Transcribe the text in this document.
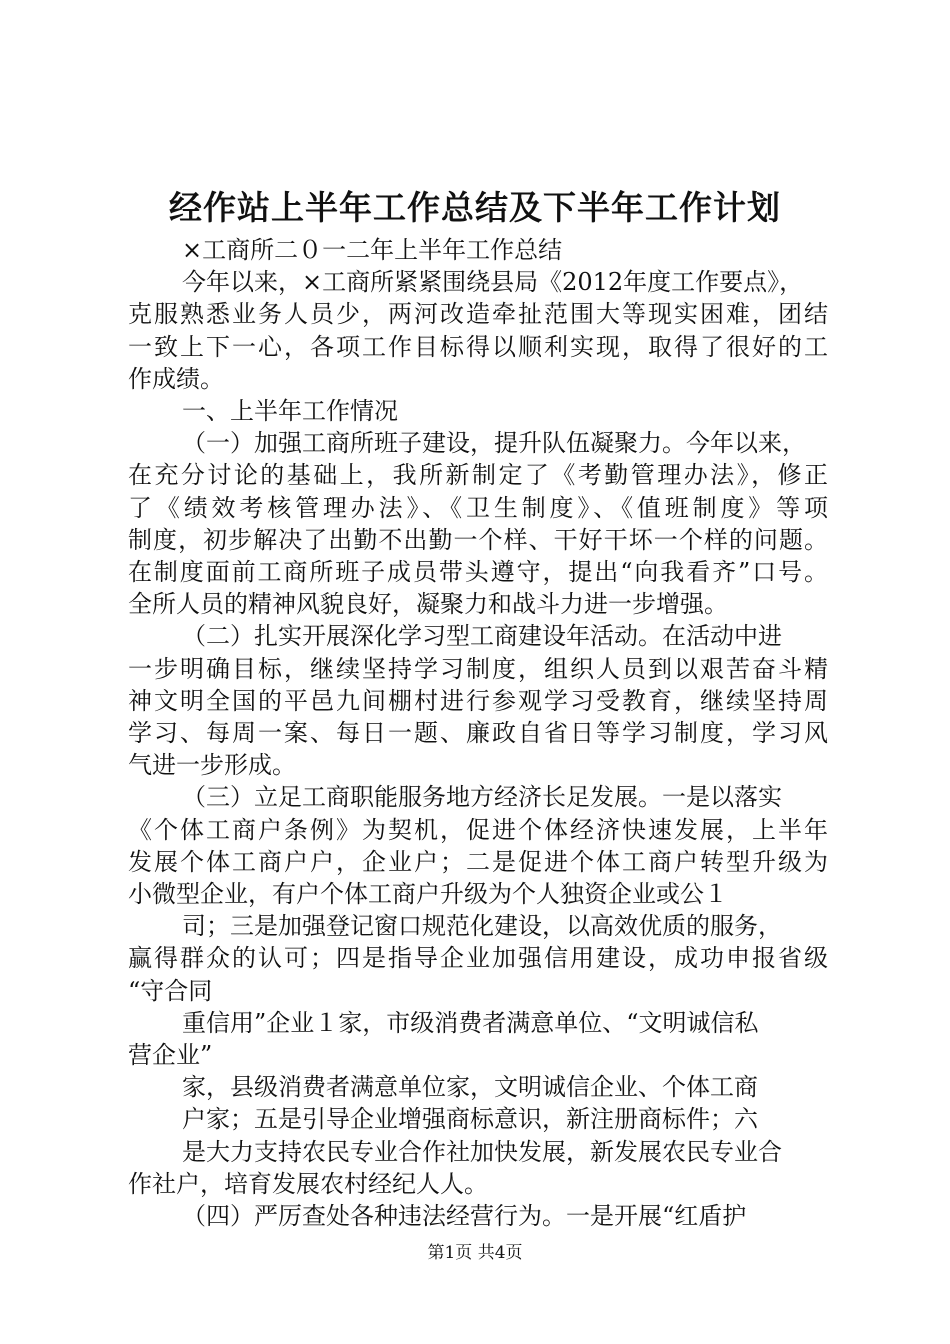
经作站上半年工作总结及下半年工作计划
×工商所二０一二年上半年工作总结
今年以来，×工商所紧紧围绕县局《2012年度工作要点》，
克服熟悉业务人员少，两河改造牵扯范围大等现实困难，团结
一致上下一心，各项工作目标得以顺利实现，取得了很好的工
作成绩。
一、上半年工作情况
（一）加强工商所班子建设，提升队伍凝聚力。今年以来，
在充分讨论的基础上，我所新制定了《考勤管理办法》，修正
了《绩效考核管理办法》、《卫生制度》、《值班制度》等项
制度，初步解决了出勤不出勤一个样、干好干坏一个样的问题。
在制度面前工商所班子成员带头遵守，提出“向我看齐”口号。
全所人员的精神风貌良好，凝聚力和战斗力进一步增强。
（二）扎实开展深化学习型工商建设年活动。在活动中进
一步明确目标，继续坚持学习制度，组织人员到以艰苦奋斗精
神文明全国的平邑九间棚村进行参观学习受教育，继续坚持周
学习、每周一案、每日一题、廉政自省日等学习制度，学习风
气进一步形成。
（三）立足工商职能服务地方经济长足发展。一是以落实
《个体工商户条例》为契机，促进个体经济快速发展，上半年
发展个体工商户户，企业户；二是促进个体工商户转型升级为
小微型企业，有户个体工商户升级为个人独资企业或公１
司；三是加强登记窗口规范化建设，以高效优质的服务，
赢得群众的认可；四是指导企业加强信用建设，成功申报省级
“守合同
重信用”企业１家，市级消费者满意单位、“文明诚信私
营企业”
家，县级消费者满意单位家，文明诚信企业、个体工商
户家；五是引导企业增强商标意识，新注册商标件；六
是大力支持农民专业合作社加快发展，新发展农民专业合
作社户，培育发展农村经纪人人。
（四）严厉查处各种违法经营行为。一是开展“红盾护
第1页 共4页
